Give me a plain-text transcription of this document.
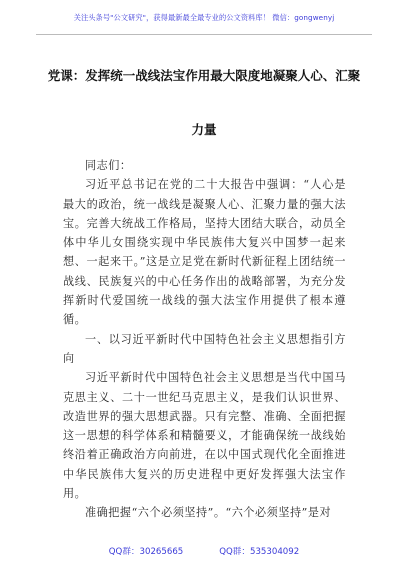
关注头条号"公文研究"，获得最新最全最专业的公文资料库！ 微信：gongwenyj
党课：发挥统一战线法宝作用最大限度地凝聚人心、汇聚
力量

同志们：

习近平总书记在党的二十大报告中强调：“人心是最大的政治，统一战线是凝聚人心、汇聚力量的强大法宝。完善大统战工作格局，坚持大团结大联合，动员全体中华儿女围绕实现中华民族伟大复兴中国梦一起来想、一起来干。”这是立足党在新时代新征程上团结统一战线、民族复兴的中心任务作出的战略部署，为充分发挥新时代爱国统一战线的强大法宝作用提供了根本遵循。

一、以习近平新时代中国特色社会主义思想指引方向

习近平新时代中国特色社会主义思想是当代中国马克思主义、二十一世纪马克思主义，是我们认识世界、改造世界的强大思想武器。只有完整、准确、全面把握这一思想的科学体系和精髓要义，才能确保统一战线始终沿着正确政治方向前进，在以中国式现代化全面推进中华民族伟大复兴的历史进程中更好发挥强大法宝作用。

准确把握“六个必须坚持”。“六个必须坚持”是对

QQ群：30265665	QQ群：535304092
